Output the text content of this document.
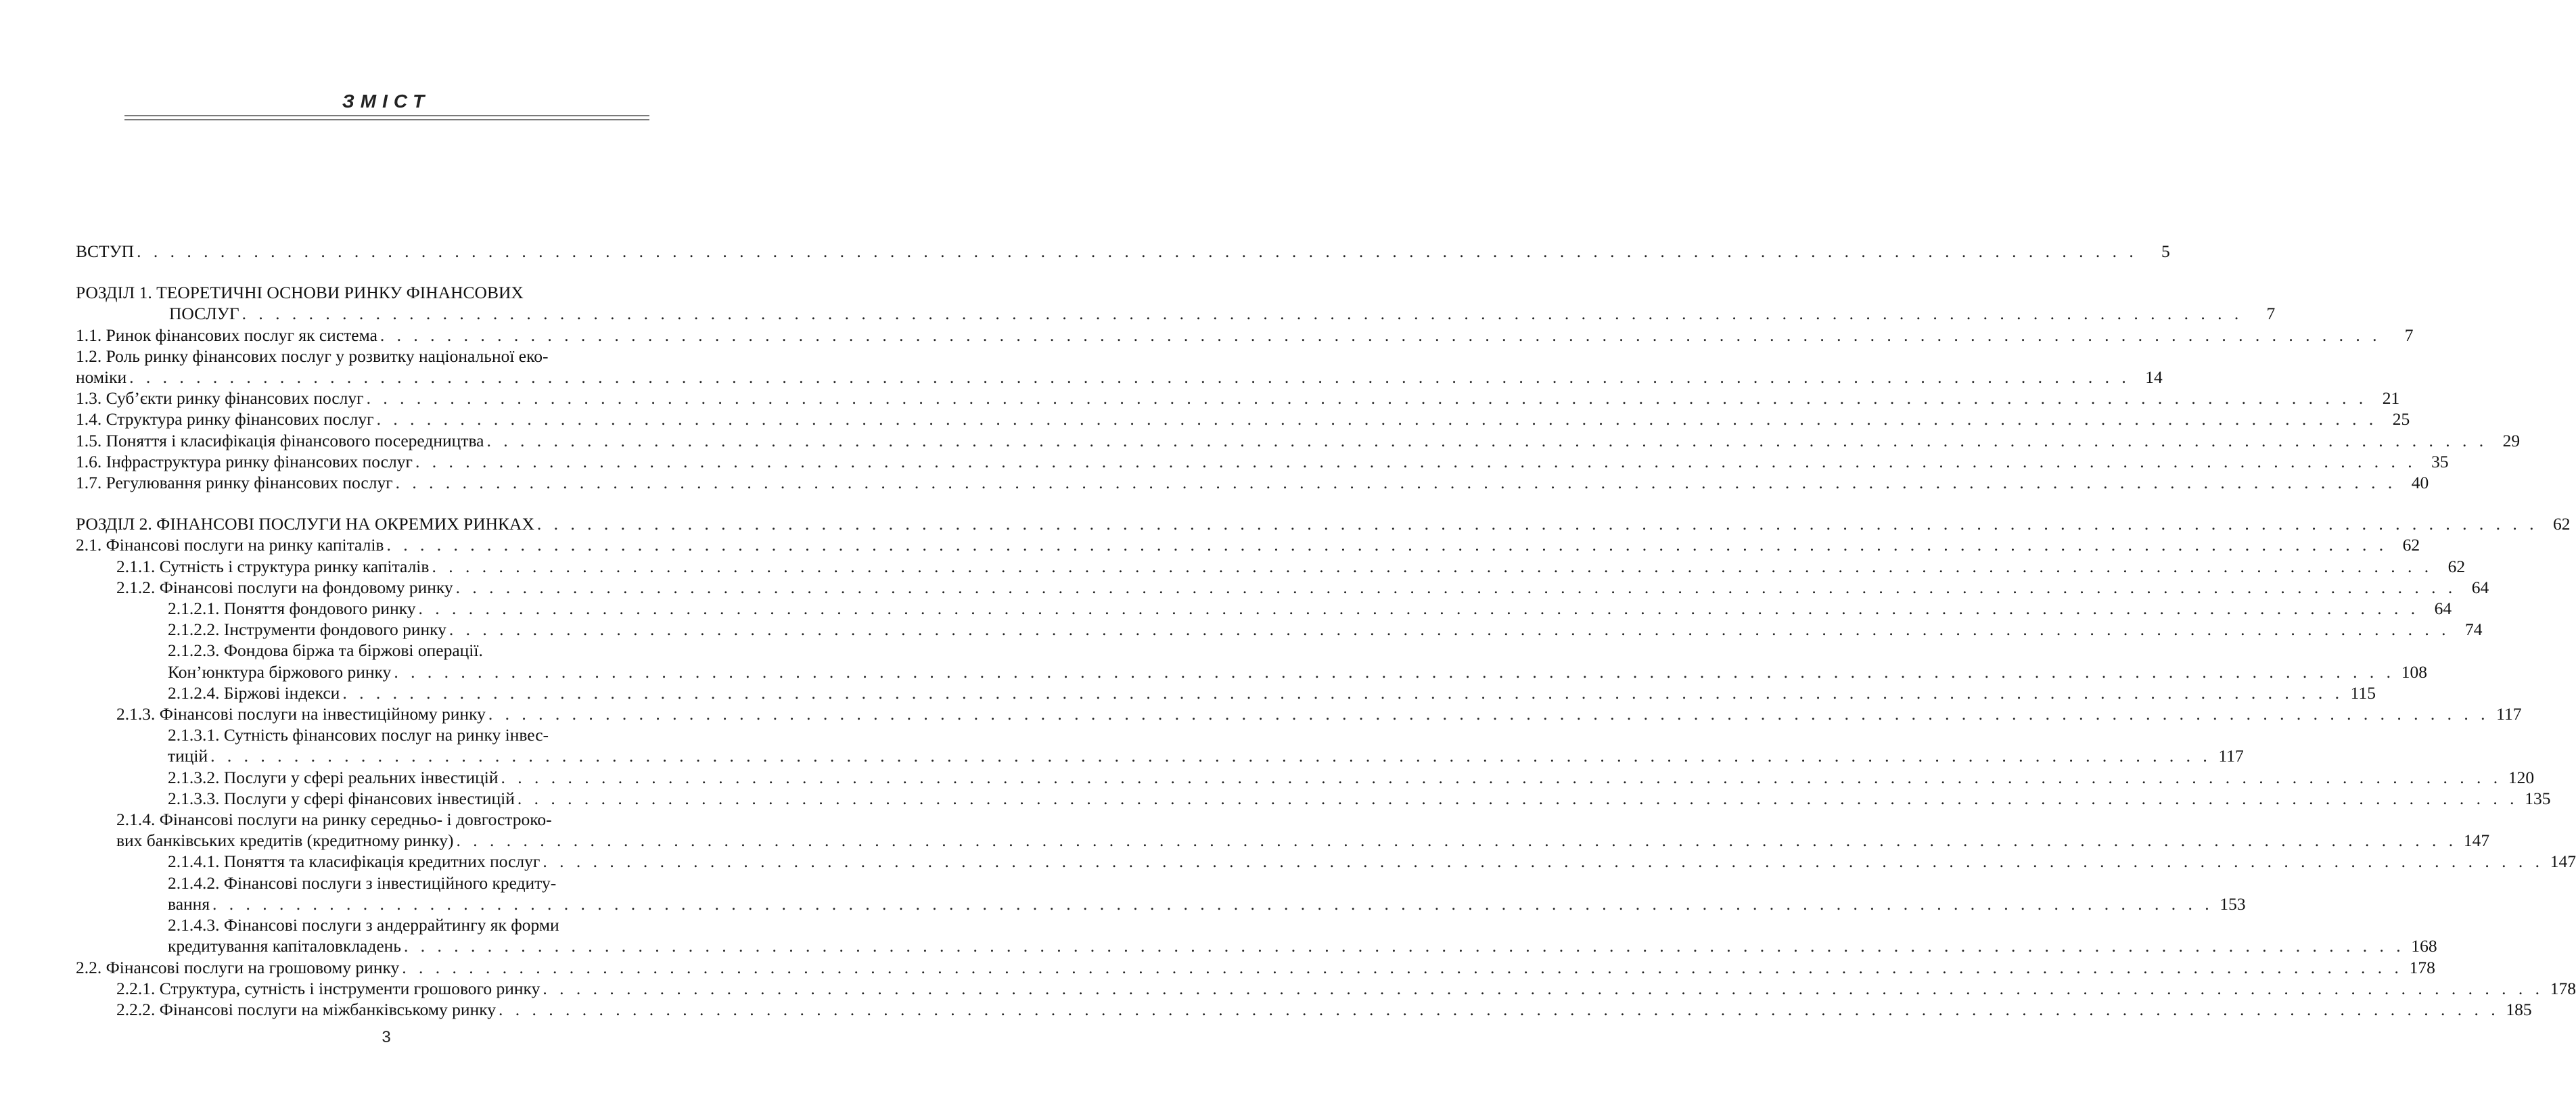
ЗМІСТ
ВСТУП . . . . . . . . . . . . . . . . . . . . . . . . . . . . . . . . . . . . . . . . . . . . . . . . . . . . . . . . . . . . . . . . . . . . . . . . . . . . . . . . . . . . . . . . . . . . . . . . . . . . . . . . . . . . . . . . . . . . . . . .	5
РОЗДІЛ 1. ТЕОРЕТИЧНІ ОСНОВИ РИНКУ ФІНАНСОВИХ
ПОСЛУГ . . . . . . . . . . . . . . . . . . . . . . . . . . . . . . . . . . . . . . . . . . . . . . . . . . . . . . . . . . . . . . . . . . . . . . . . . . . . . . . . . . . . . . . . . . . . . . . . . . . . . . . . . . . . . . . . . . . . . . . .	7
1.1. Ринок фінансових послуг як система . . . . . . . . . . . . . . . . . . . . . . . . . . . . . . . . . . . . . . . . . . . . . . . . . . . . . . . . . . . . . . . . . . . . . . . . . . . . . . . . . . . . . . . . . . . . . . . . . . . . . . . . . . . . . . . . . . . . . . . .	7
1.2. Роль ринку фінансових послуг у розвитку національної еко-
номіки . . . . . . . . . . . . . . . . . . . . . . . . . . . . . . . . . . . . . . . . . . . . . . . . . . . . . . . . . . . . . . . . . . . . . . . . . . . . . . . . . . . . . . . . . . . . . . . . . . . . . . . . . . . . . . . . . . . . . . . . 14
1.3. Суб’єкти ринку фінансових послуг . . . . . . . . . . . . . . . . . . . . . . . . . . . . . . . . . . . . . . . . . . . . . . . . . . . . . . . . . . . . . . . . . . . . . . . . . . . . . . . . . . . . . . . . . . . . . . . . . . . . . . . . . . . . . . . . . . . . . . . . 21
1.4. Структура ринку фінансових послуг . . . . . . . . . . . . . . . . . . . . . . . . . . . . . . . . . . . . . . . . . . . . . . . . . . . . . . . . . . . . . . . . . . . . . . . . . . . . . . . . . . . . . . . . . . . . . . . . . . . . . . . . . . . . . . . . . . . . . . . . 25
1.5. Поняття і класифікація фінансового посередництва . . . . . . . . . . . . . . . . . . . . . . . . . . . . . . . . . . . . . . . . . . . . . . . . . . . . . . . . . . . . . . . . . . . . . . . . . . . . . . . . . . . . . . . . . . . . . . . . . . . . . . . . . . . . . . . . . . . . . . . . 29
1.6. Інфраструктура ринку фінансових послуг . . . . . . . . . . . . . . . . . . . . . . . . . . . . . . . . . . . . . . . . . . . . . . . . . . . . . . . . . . . . . . . . . . . . . . . . . . . . . . . . . . . . . . . . . . . . . . . . . . . . . . . . . . . . . . . . . . . . . . . . 35
1.7. Регулювання ринку фінансових послуг . . . . . . . . . . . . . . . . . . . . . . . . . . . . . . . . . . . . . . . . . . . . . . . . . . . . . . . . . . . . . . . . . . . . . . . . . . . . . . . . . . . . . . . . . . . . . . . . . . . . . . . . . . . . . . . . . . . . . . . . 40
РОЗДІЛ 2. ФІНАНСОВІ ПОСЛУГИ НА ОКРЕМИХ РИНКАХ . . . . . . . . . . . . . . . . . . . . . . . . . . . . . . . . . . . . . . . . . . . . . . . . . . . . . . . . . . . . . . . . . . . . . . . . . . . . . . . . . . . . . . . . . . . . . . . . . . . . . . . . . . . . . . . . . . . . . . . . 62
2.1. Фінансові послуги на ринку капіталів . . . . . . . . . . . . . . . . . . . . . . . . . . . . . . . . . . . . . . . . . . . . . . . . . . . . . . . . . . . . . . . . . . . . . . . . . . . . . . . . . . . . . . . . . . . . . . . . . . . . . . . . . . . . . . . . . . . . . . . . 62
2.1.1. Сутність і структура ринку капіталів . . . . . . . . . . . . . . . . . . . . . . . . . . . . . . . . . . . . . . . . . . . . . . . . . . . . . . . . . . . . . . . . . . . . . . . . . . . . . . . . . . . . . . . . . . . . . . . . . . . . . . . . . . . . . . . . . . . . . . . . 62
2.1.2. Фінансові послуги на фондовому ринку . . . . . . . . . . . . . . . . . . . . . . . . . . . . . . . . . . . . . . . . . . . . . . . . . . . . . . . . . . . . . . . . . . . . . . . . . . . . . . . . . . . . . . . . . . . . . . . . . . . . . . . . . . . . . . . . . . . . . . . . 64
2.1.2.1. Поняття фондового ринку . . . . . . . . . . . . . . . . . . . . . . . . . . . . . . . . . . . . . . . . . . . . . . . . . . . . . . . . . . . . . . . . . . . . . . . . . . . . . . . . . . . . . . . . . . . . . . . . . . . . . . . . . . . . . . . . . . . . . . . . 64
2.1.2.2. Інструменти фондового ринку . . . . . . . . . . . . . . . . . . . . . . . . . . . . . . . . . . . . . . . . . . . . . . . . . . . . . . . . . . . . . . . . . . . . . . . . . . . . . . . . . . . . . . . . . . . . . . . . . . . . . . . . . . . . . . . . . . . . . . . . 74
2.1.2.3. Фондова біржа та біржові операції.
Кон’юнктура біржового ринку . . . . . . . . . . . . . . . . . . . . . . . . . . . . . . . . . . . . . . . . . . . . . . . . . . . . . . . . . . . . . . . . . . . . . . . . . . . . . . . . . . . . . . . . . . . . . . . . . . . . . . . . . . . . . . . . . . . . . . . . 108
2.1.2.4. Біржові індекси . . . . . . . . . . . . . . . . . . . . . . . . . . . . . . . . . . . . . . . . . . . . . . . . . . . . . . . . . . . . . . . . . . . . . . . . . . . . . . . . . . . . . . . . . . . . . . . . . . . . . . . . . . . . . . . . . . . . . . . . 115
2.1.3. Фінансові послуги на інвестиційному ринку . . . . . . . . . . . . . . . . . . . . . . . . . . . . . . . . . . . . . . . . . . . . . . . . . . . . . . . . . . . . . . . . . . . . . . . . . . . . . . . . . . . . . . . . . . . . . . . . . . . . . . . . . . . . . . . . . . . . . . . . 117
2.1.3.1. Сутність фінансових послуг на ринку інвес-
тицій . . . . . . . . . . . . . . . . . . . . . . . . . . . . . . . . . . . . . . . . . . . . . . . . . . . . . . . . . . . . . . . . . . . . . . . . . . . . . . . . . . . . . . . . . . . . . . . . . . . . . . . . . . . . . . . . . . . . . . . . 117
2.1.3.2. Послуги у сфері реальних інвестицій . . . . . . . . . . . . . . . . . . . . . . . . . . . . . . . . . . . . . . . . . . . . . . . . . . . . . . . . . . . . . . . . . . . . . . . . . . . . . . . . . . . . . . . . . . . . . . . . . . . . . . . . . . . . . . . . . . . . . . . . 120
2.1.3.3. Послуги у сфері фінансових інвестицій . . . . . . . . . . . . . . . . . . . . . . . . . . . . . . . . . . . . . . . . . . . . . . . . . . . . . . . . . . . . . . . . . . . . . . . . . . . . . . . . . . . . . . . . . . . . . . . . . . . . . . . . . . . . . . . . . . . . . . . . 135
2.1.4. Фінансові послуги на ринку середньо- і довгостроко-
вих банківських кредитів (кредитному ринку) . . . . . . . . . . . . . . . . . . . . . . . . . . . . . . . . . . . . . . . . . . . . . . . . . . . . . . . . . . . . . . . . . . . . . . . . . . . . . . . . . . . . . . . . . . . . . . . . . . . . . . . . . . . . . . . . . . . . . . . . 147
2.1.4.1. Поняття та класифікація кредитних послуг . . . . . . . . . . . . . . . . . . . . . . . . . . . . . . . . . . . . . . . . . . . . . . . . . . . . . . . . . . . . . . . . . . . . . . . . . . . . . . . . . . . . . . . . . . . . . . . . . . . . . . . . . . . . . . . . . . . . . . . . 147
2.1.4.2. Фінансові послуги з інвестиційного кредиту-
вання . . . . . . . . . . . . . . . . . . . . . . . . . . . . . . . . . . . . . . . . . . . . . . . . . . . . . . . . . . . . . . . . . . . . . . . . . . . . . . . . . . . . . . . . . . . . . . . . . . . . . . . . . . . . . . . . . . . . . . . . 153
2.1.4.3. Фінансові послуги з андеррайтингу як форми
кредитування капіталовкладень . . . . . . . . . . . . . . . . . . . . . . . . . . . . . . . . . . . . . . . . . . . . . . . . . . . . . . . . . . . . . . . . . . . . . . . . . . . . . . . . . . . . . . . . . . . . . . . . . . . . . . . . . . . . . . . . . . . . . . . . 168
2.2. Фінансові послуги на грошовому ринку . . . . . . . . . . . . . . . . . . . . . . . . . . . . . . . . . . . . . . . . . . . . . . . . . . . . . . . . . . . . . . . . . . . . . . . . . . . . . . . . . . . . . . . . . . . . . . . . . . . . . . . . . . . . . . . . . . . . . . . . 178
2.2.1. Структура, сутність і інструменти грошового ринку . . . . . . . . . . . . . . . . . . . . . . . . . . . . . . . . . . . . . . . . . . . . . . . . . . . . . . . . . . . . . . . . . . . . . . . . . . . . . . . . . . . . . . . . . . . . . . . . . . . . . . . . . . . . . . . . . . . . . . . . 178
2.2.2. Фінансові послуги на міжбанківському ринку . . . . . . . . . . . . . . . . . . . . . . . . . . . . . . . . . . . . . . . . . . . . . . . . . . . . . . . . . . . . . . . . . . . . . . . . . . . . . . . . . . . . . . . . . . . . . . . . . . . . . . . . . . . . . . . . . . . . . . . . 185
3
